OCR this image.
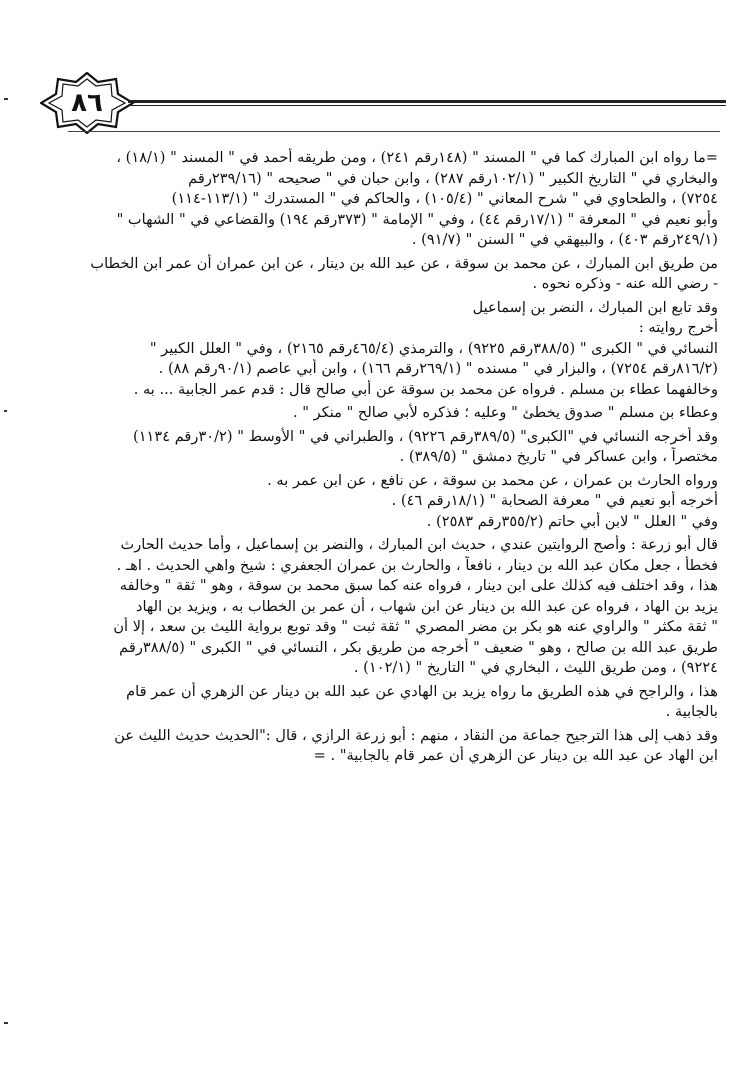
٨٦
=ما رواه ابن المبارك كما في " المسند " (١٤٨رقم ٢٤١) ، ومن طريقه أحمد في " المسند " (١٨/١) ،
والبخاري في " التاريخ الكبير " (١٠٢/١رقم ٢٨٧) ، وابن حبان في " صحيحه " (٢٣٩/١٦رقم
٧٢٥٤) ، والطحاوي في " شرح المعاني " (١٠٥/٤) ، والحاكم في " المستدرك " (١١٣/١-١١٤)
وأبو نعيم في " المعرفة " (١٧/١رقم ٤٤) ، وفي " الإمامة " (٣٧٣رقم ١٩٤) والقضاعي في " الشهاب "
(٢٤٩/١رقم ٤٠٣) ، والبيهقي في " السنن " (٩١/٧) .
من طريق ابن المبارك ، عن محمد بن سوقة ، عن عبد الله بن دينار ، عن ابن عمران أن عمر ابن الخطاب
- رضي الله عنه - وذكره نحوه .
وقد تابع ابن المبارك ، النضر بن إسماعيل
أخرج روايته :
النسائي في " الكبرى " (٣٨٨/٥رقم ٩٢٢٥) ، والترمذي (٤٦٥/٤رقم ٢١٦٥) ، وفي " العلل الكبير "
(٨١٦/٢رقم ٧٢٥٤) ، والبزار في " مسنده " (٢٦٩/١رقم ١٦٦) ، وابن أبي عاصم (٩٠/١رقم ٨٨) .
وخالفهما عطاء بن مسلم . فرواه عن محمد بن سوقة عن أبي صالح قال : قدم عمر الجابية ... به .
وعطاء بن مسلم " صدوق يخطئ " وعليه ؛ فذكره لأبي صالح " منكر " .
وقد أخرجه النسائي في "الكبرى" (٣٨٩/٥رقم ٩٢٢٦) ، والطبراني في " الأوسط " (٣٠/٢رقم ١١٣٤)
مختصراً ، وابن عساكر في " تاريخ دمشق " (٣٨٩/٥) .
ورواه الحارث بن عمران ، عن محمد بن سوقة ، عن نافع ، عن ابن عمر به .
أخرجه أبو نعيم في " معرفة الصحابة " (١٨/١رقم ٤٦) .
وفي " العلل " لابن أبي حاتم (٣٥٥/٢رقم ٢٥٨٣) .
قال أبو زرعة : وأصح الروايتين عندي ، حديث ابن المبارك ، والنضر بن إسماعيل ، وأما حديث الحارث
فخطأ ، جعل مكان عبد الله بن دينار ، نافعاً ، والحارث بن عمران الجعفري : شيخ واهي الحديث . اهـ .
هذا ، وقد اختلف فيه كذلك على ابن دينار ، فرواه عنه كما سبق محمد بن سوقة ، وهو " ثقة " وخالفه
يزيد بن الهاد ، فرواه عن عبد الله بن دينار عن ابن شهاب ، أن عمر بن الخطاب به ، ويزيد بن الهاد
" ثقة مكثر " والراوي عنه هو بكر بن مضر المصري " ثقة ثبت " وقد توبع برواية الليث بن سعد ، إلا أن
طريق عبد الله بن صالح ، وهو " ضعيف " أخرجه من طريق بكر ، النسائي في " الكبرى " (٣٨٨/٥رقم
٩٢٢٤) ، ومن طريق الليث ، البخاري في " التاريخ " (١٠٢/١) .
هذا ، والراجح في هذه الطريق ما رواه يزيد بن الهادي عن عبد الله بن دينار عن الزهري أن عمر قام
بالجابية .
وقد ذهب إلى هذا الترجيح جماعة من النقاد ، منهم : أبو زرعة الرازي ، قال :"الحديث حديث الليث عن
ابن الهاد عن عبد الله بن دينار عن الزهري أن عمر قام بالجابية" . =
